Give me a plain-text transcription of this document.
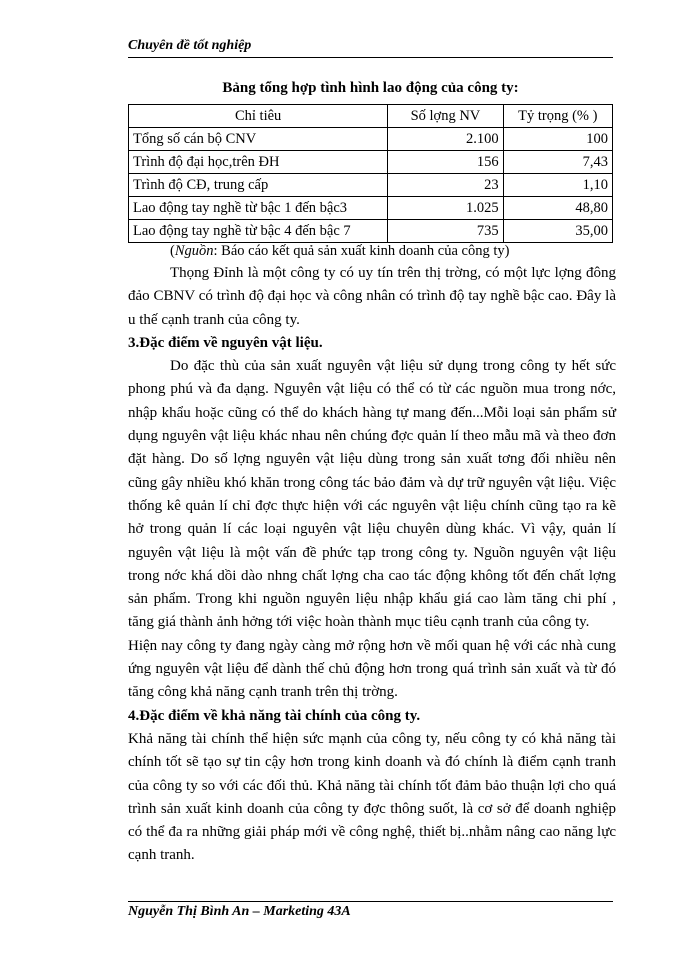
Chuyên đề tốt nghiệp
Bảng tổng hợp tình hình lao động của công ty:
Chỉ tiêu	Số lợng NV	Tỷ trọng (% )
Tổng số cán bộ CNV	2.100	100
Trình độ đại học,trên ĐH	156	7,43
Trình độ CĐ, trung cấp	23	1,10
Lao động tay nghề từ bậc 1 đến bậc3	1.025	48,80
Lao động tay nghề từ bậc 4 đến bậc 7	735	35,00
(Nguồn: Báo cáo kết quả sản xuất kinh doanh của công ty)

Thọng Đỉnh là một công ty có uy tín trên thị trờng, có một lực lợng đông đảo CBNV có trình độ đại học và công nhân có trình độ tay nghề bậc cao. Đây là u thế cạnh tranh của công ty.

3.Đặc điểm về nguyên vật liệu.

Do đặc thù của sản xuất nguyên vật liệu sử dụng trong công ty hết sức phong phú và đa dạng. Nguyên vật liệu có thể có từ các nguồn mua trong nớc, nhập khẩu hoặc cũng có thể do khách hàng tự mang đến...Mỗi loại sản phẩm sử dụng nguyên vật liệu khác nhau nên chúng đợc quản lí theo mẫu mã và theo đơn đặt hàng. Do số lợng nguyên vật liệu dùng trong sản xuất tơng đối nhiều nên cũng gây nhiều khó khăn trong công tác bảo đảm và dự trữ nguyên vật liệu. Việc thống kê quản lí chỉ đợc thực hiện với các nguyên vật liệu chính cũng tạo ra kẽ hở trong quản lí các loại nguyên vật liệu chuyên dùng khác. Vì vậy, quản lí nguyên vật liệu là một vấn đề phức tạp trong công ty. Nguồn nguyên vật liệu trong nớc khá dồi dào nhng chất lợng cha cao tác động không tốt đến chất lợng sản phẩm. Trong khi nguồn nguyên liệu nhập khẩu giá cao làm tăng chi phí , tăng giá thành ảnh hởng tới việc hoàn thành mục tiêu cạnh tranh của công ty.

Hiện nay công ty đang ngày càng mở rộng hơn về mối quan hệ với các nhà cung ứng nguyên vật liệu để dành thế chủ động hơn trong quá trình sản xuất và từ đó tăng công khả năng cạnh tranh trên thị trờng.

4.Đặc điểm về khả năng tài chính của công ty.

Khả năng tài chính thể hiện sức mạnh của công ty, nếu công ty có khả năng tài chính tốt sẽ tạo sự tin cậy hơn trong kinh doanh và đó chính là điểm cạnh tranh của công ty so với các đối thủ. Khả năng tài chính tốt đảm bảo thuận lợi cho quá trình sản xuất kinh doanh của công ty đợc thông suốt, là cơ sở để doanh nghiệp có thể đa ra những giải pháp mới về công nghệ, thiết bị..nhằm nâng cao năng lực cạnh tranh.

Nguyễn Thị Bình An – Marketing 43A
